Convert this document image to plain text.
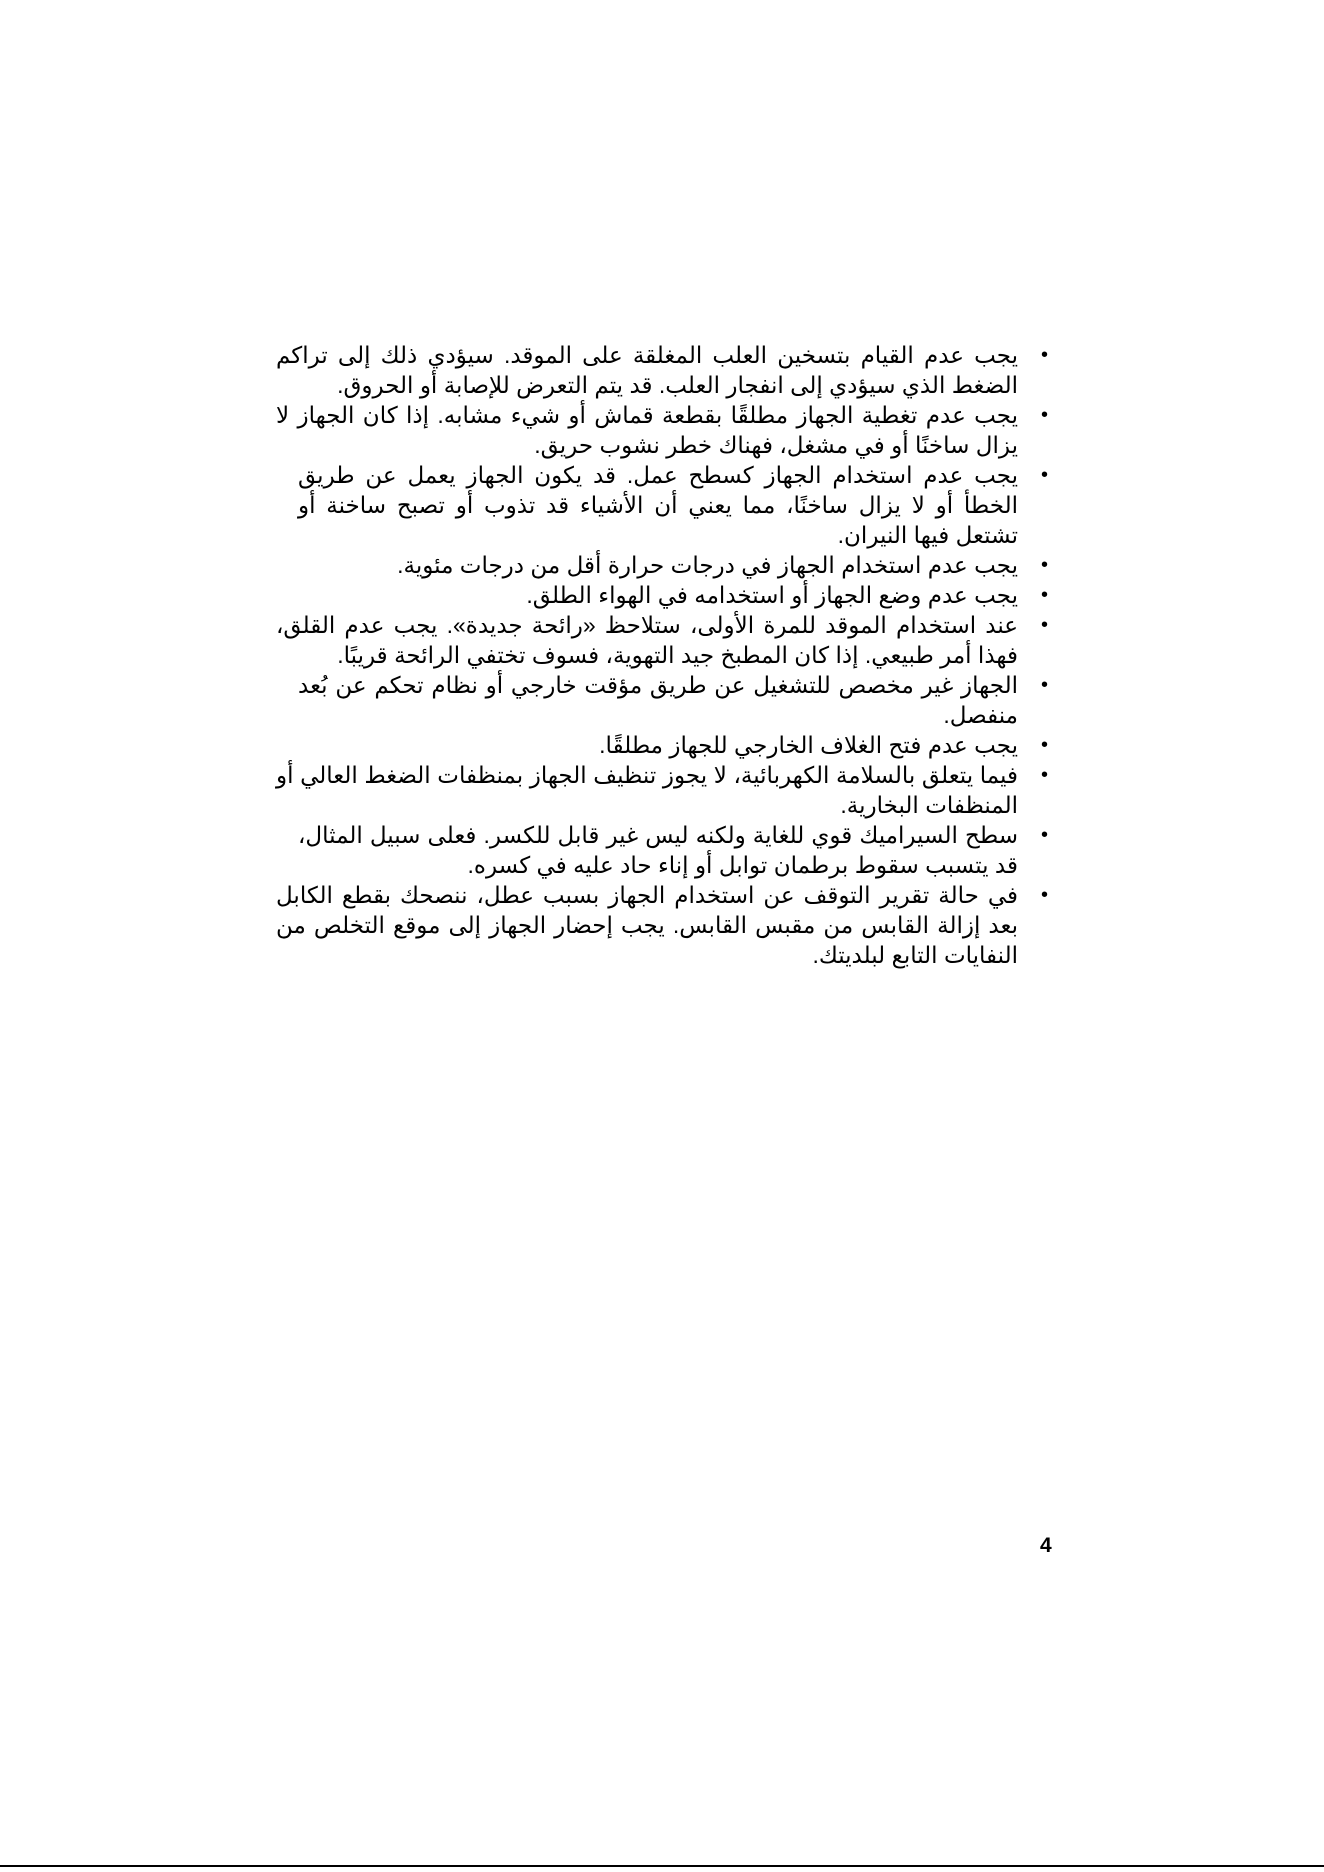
• يجب عدم القيام بتسخين العلب المغلقة على الموقد. سيؤدي ذلك إلى تراكم الضغط الذي سيؤدي إلى انفجار العلب. قد يتم التعرض للإصابة أو الحروق.
• يجب عدم تغطية الجهاز مطلقًا بقطعة قماش أو شيء مشابه. إذا كان الجهاز لا يزال ساخنًا أو في مشغل، فهناك خطر نشوب حريق.
• يجب عدم استخدام الجهاز كسطح عمل. قد يكون الجهاز يعمل عن طريق الخطأ أو لا يزال ساخنًا، مما يعني أن الأشياء قد تذوب أو تصبح ساخنة أو تشتعل فيها النيران.
• يجب عدم استخدام الجهاز في درجات حرارة أقل من درجات مئوية.
• يجب عدم وضع الجهاز أو استخدامه في الهواء الطلق.
• عند استخدام الموقد للمرة الأولى، ستلاحظ «رائحة جديدة». يجب عدم القلق، فهذا أمر طبيعي. إذا كان المطبخ جيد التهوية، فسوف تختفي الرائحة قريبًا.
• الجهاز غير مخصص للتشغيل عن طريق مؤقت خارجي أو نظام تحكم عن بُعد منفصل.
• يجب عدم فتح الغلاف الخارجي للجهاز مطلقًا.
• فيما يتعلق بالسلامة الكهربائية، لا يجوز تنظيف الجهاز بمنظفات الضغط العالي أو المنظفات البخارية.
• سطح السيراميك قوي للغاية ولكنه ليس غير قابل للكسر. فعلى سبيل المثال، قد يتسبب سقوط برطمان توابل أو إناء حاد عليه في كسره.
• في حالة تقرير التوقف عن استخدام الجهاز بسبب عطل، ننصحك بقطع الكابل بعد إزالة القابس من مقبس القابس. يجب إحضار الجهاز إلى موقع التخلص من النفايات التابع لبلديتك.
4
